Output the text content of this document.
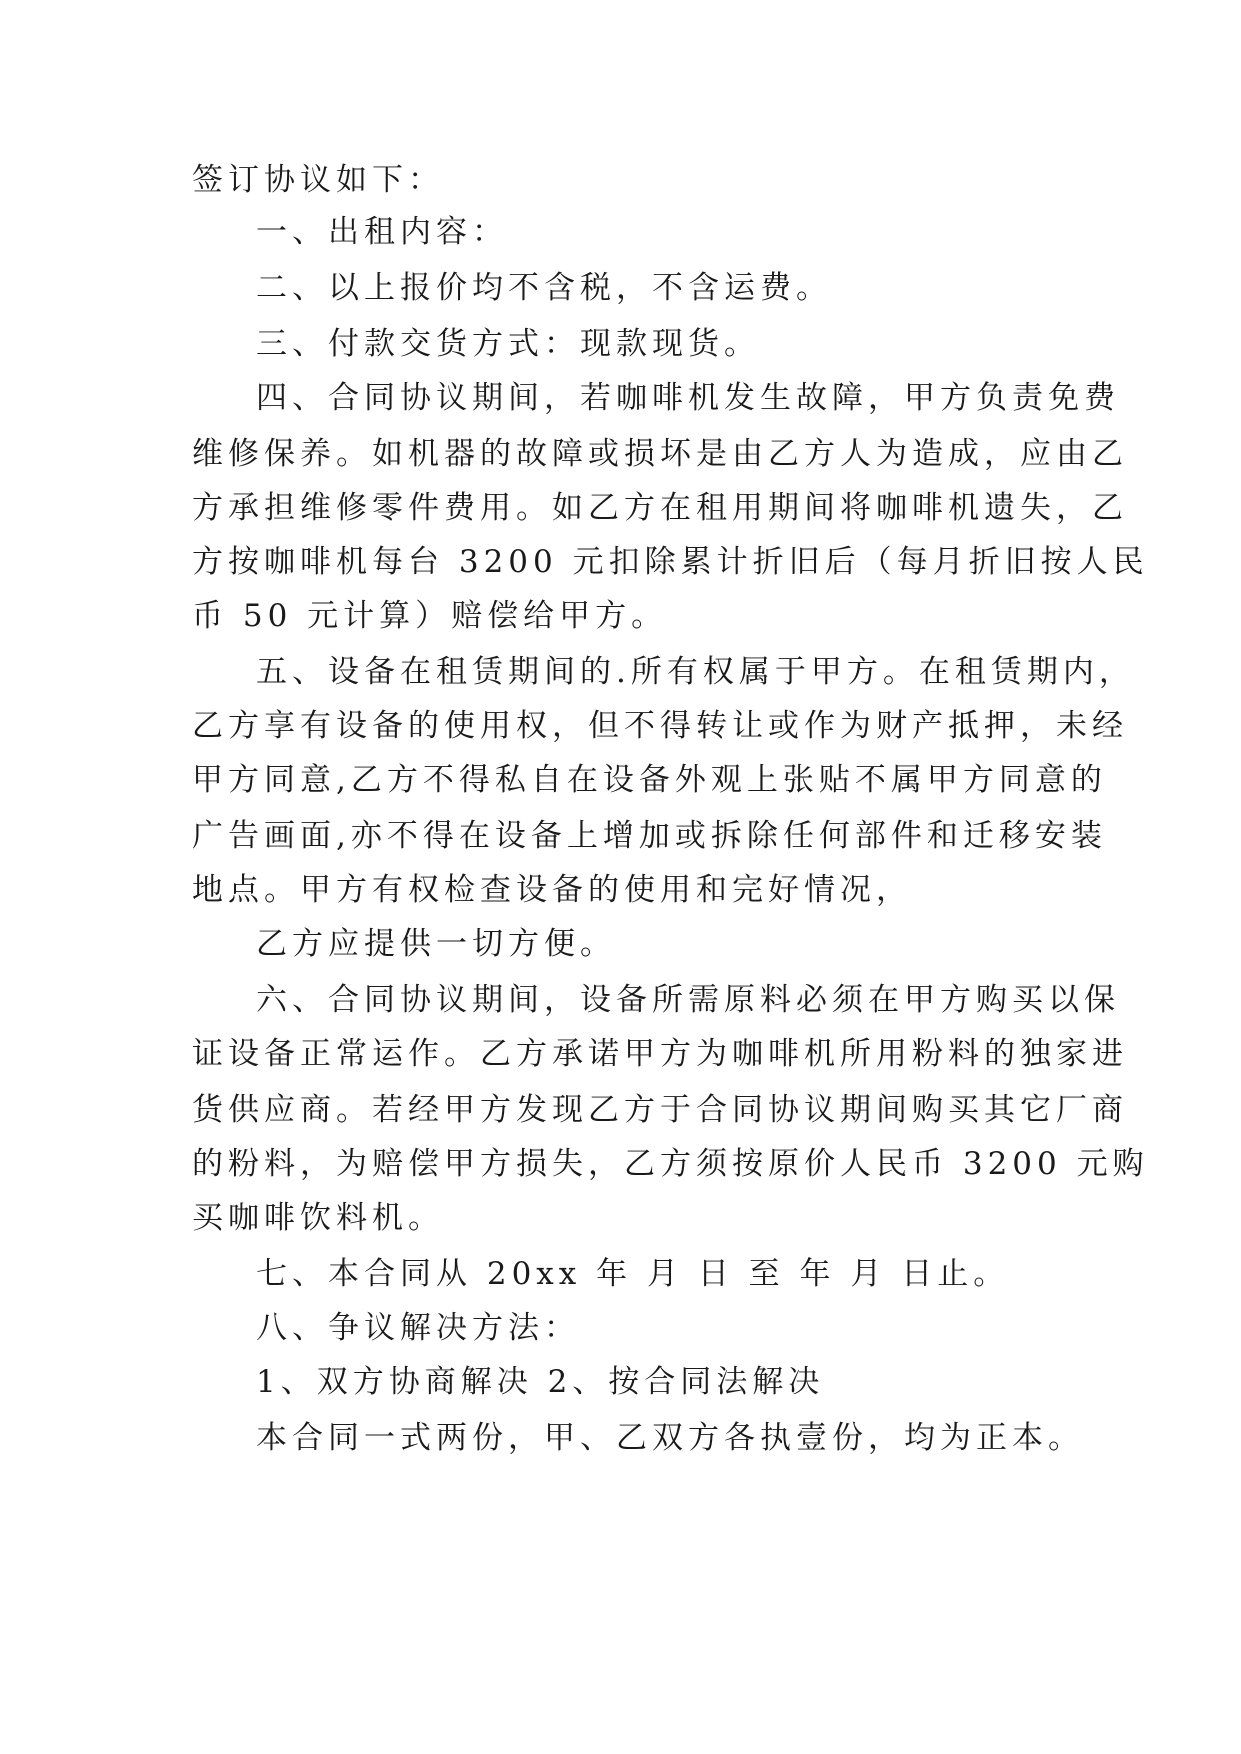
签订协议如下：
一、出租内容：
二、以上报价均不含税，不含运费。
三、付款交货方式：现款现货。
四、合同协议期间，若咖啡机发生故障，甲方负责免费
维修保养。如机器的故障或损坏是由乙方人为造成，应由乙
方承担维修零件费用。如乙方在租用期间将咖啡机遗失，乙
方按咖啡机每台 3200 元扣除累计折旧后（每月折旧按人民
币 50 元计算）赔偿给甲方。
五、设备在租赁期间的.所有权属于甲方。在租赁期内，
乙方享有设备的使用权，但不得转让或作为财产抵押，未经
甲方同意,乙方不得私自在设备外观上张贴不属甲方同意的
广告画面,亦不得在设备上增加或拆除任何部件和迁移安装
地点。甲方有权检查设备的使用和完好情况，
乙方应提供一切方便。
六、合同协议期间，设备所需原料必须在甲方购买以保
证设备正常运作。乙方承诺甲方为咖啡机所用粉料的独家进
货供应商。若经甲方发现乙方于合同协议期间购买其它厂商
的粉料，为赔偿甲方损失，乙方须按原价人民币 3200 元购
买咖啡饮料机。
七、本合同从 20xx 年 月 日 至 年 月 日止。
八、争议解决方法：
1、双方协商解决 2、按合同法解决
本合同一式两份，甲、乙双方各执壹份，均为正本。
